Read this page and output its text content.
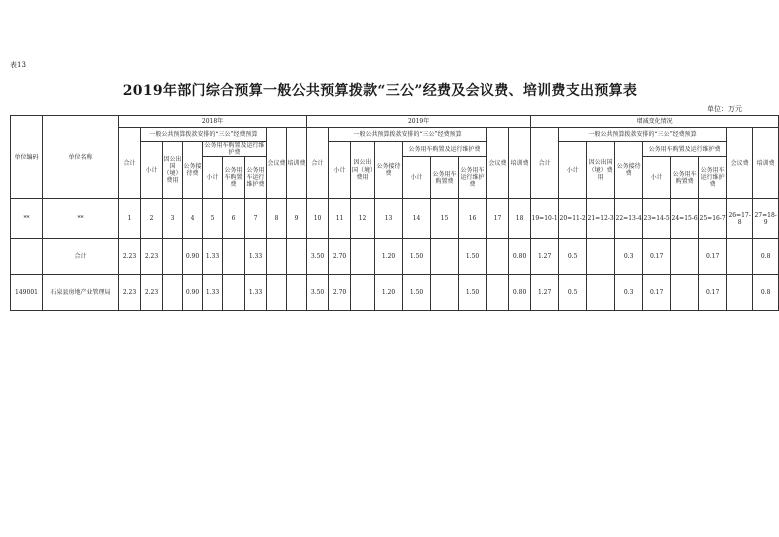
表13
2019年部门综合预算一般公共预算拨款“三公”经费及会议费、培训费支出预算表
单位：万元
单位编码	单位名称	2018年									2019年									增减变化情况								
		合计	一般公共预算拨款安排的“三公”经费预算						会议费	培训费	合计	一般公共预算拨款安排的“三公”经费预算						会议费	培训费	合计	一般公共预算拨款安排的“三公”经费预算						会议费	培训费
			小计	因公出国（境）费用	公务接待费	公务用车购置及运行维护费						小计	因公出国（境）费用	公务接待费	公务用车购置及运行维护费						小计	因公出国（境）费用	公务接待费	公务用车购置及运行维护费				
						小计	公务用车购置费	公务用车运行维护费							小计	公务用车购置费	公务用车运行维护费							小计	公务用车购置费	公务用车运行维护费		
**	**	1	2	3	4	5	6	7	8	9	10	11	12	13	14	15	16	17	18	19=10-1	20=11-2	21=12-3	22=13-4	23=14-5	24=15-6	25=16-7	26=17-8	27=18-9
	合计	2.23	2.23		0.90	1.33		1.33			3.50	2.70		1.20	1.50		1.50		0.80	1.27	0.5		0.3	0.17		0.17		0.8
149001	石泉县房地产业管理局	2.23	2.23		0.90	1.33		1.33			3.50	2.70		1.20	1.50		1.50		0.80	1.27	0.5		0.3	0.17		0.17		0.8
